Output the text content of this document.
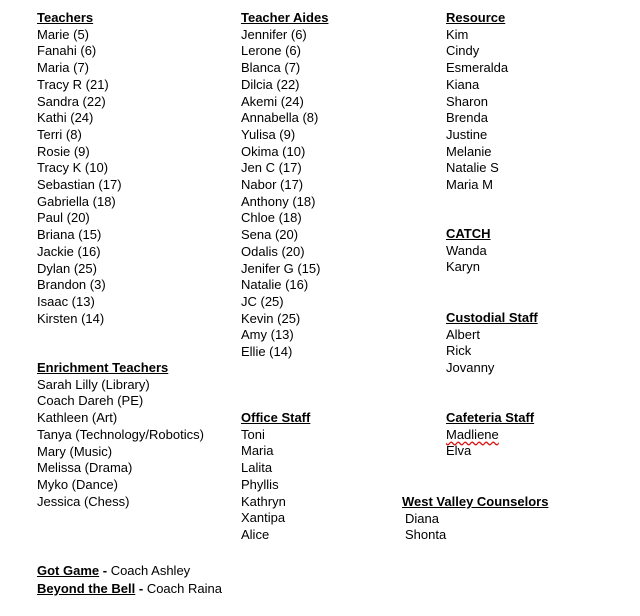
Teachers
Marie (5)
Fanahi (6)
Maria (7)
Tracy R (21)
Sandra (22)
Kathi (24)
Terri (8)
Rosie (9)
Tracy K (10)
Sebastian (17)
Gabriella (18)
Paul (20)
Briana (15)
Jackie (16)
Dylan (25)
Brandon (3)
Isaac (13)
Kirsten (14)
Teacher Aides
Jennifer (6)
Lerone (6)
Blanca (7)
Dilcia (22)
Akemi (24)
Annabella (8)
Yulisa (9)
Okima (10)
Jen C (17)
Nabor (17)
Anthony (18)
Chloe (18)
Sena (20)
Odalis (20)
Jenifer G (15)
Natalie (16)
JC (25)
Kevin (25)
Amy (13)
Ellie (14)
Resource
Kim
Cindy
Esmeralda
Kiana
Sharon
Brenda
Justine
Melanie
Natalie S
Maria M
CATCH
Wanda
Karyn
Custodial Staff
Albert
Rick
Jovanny
Enrichment Teachers
Sarah Lilly (Library)
Coach Dareh (PE)
Kathleen (Art)
Tanya (Technology/Robotics)
Mary (Music)
Melissa (Drama)
Myko (Dance)
Jessica (Chess)
Office Staff
Toni
Maria
Lalita
Phyllis
Kathryn
Xantipa
Alice
Cafeteria Staff
Madliene
Elva
West Valley Counselors
Diana
Shonta
Got Game - Coach Ashley
Beyond the Bell - Coach Raina
